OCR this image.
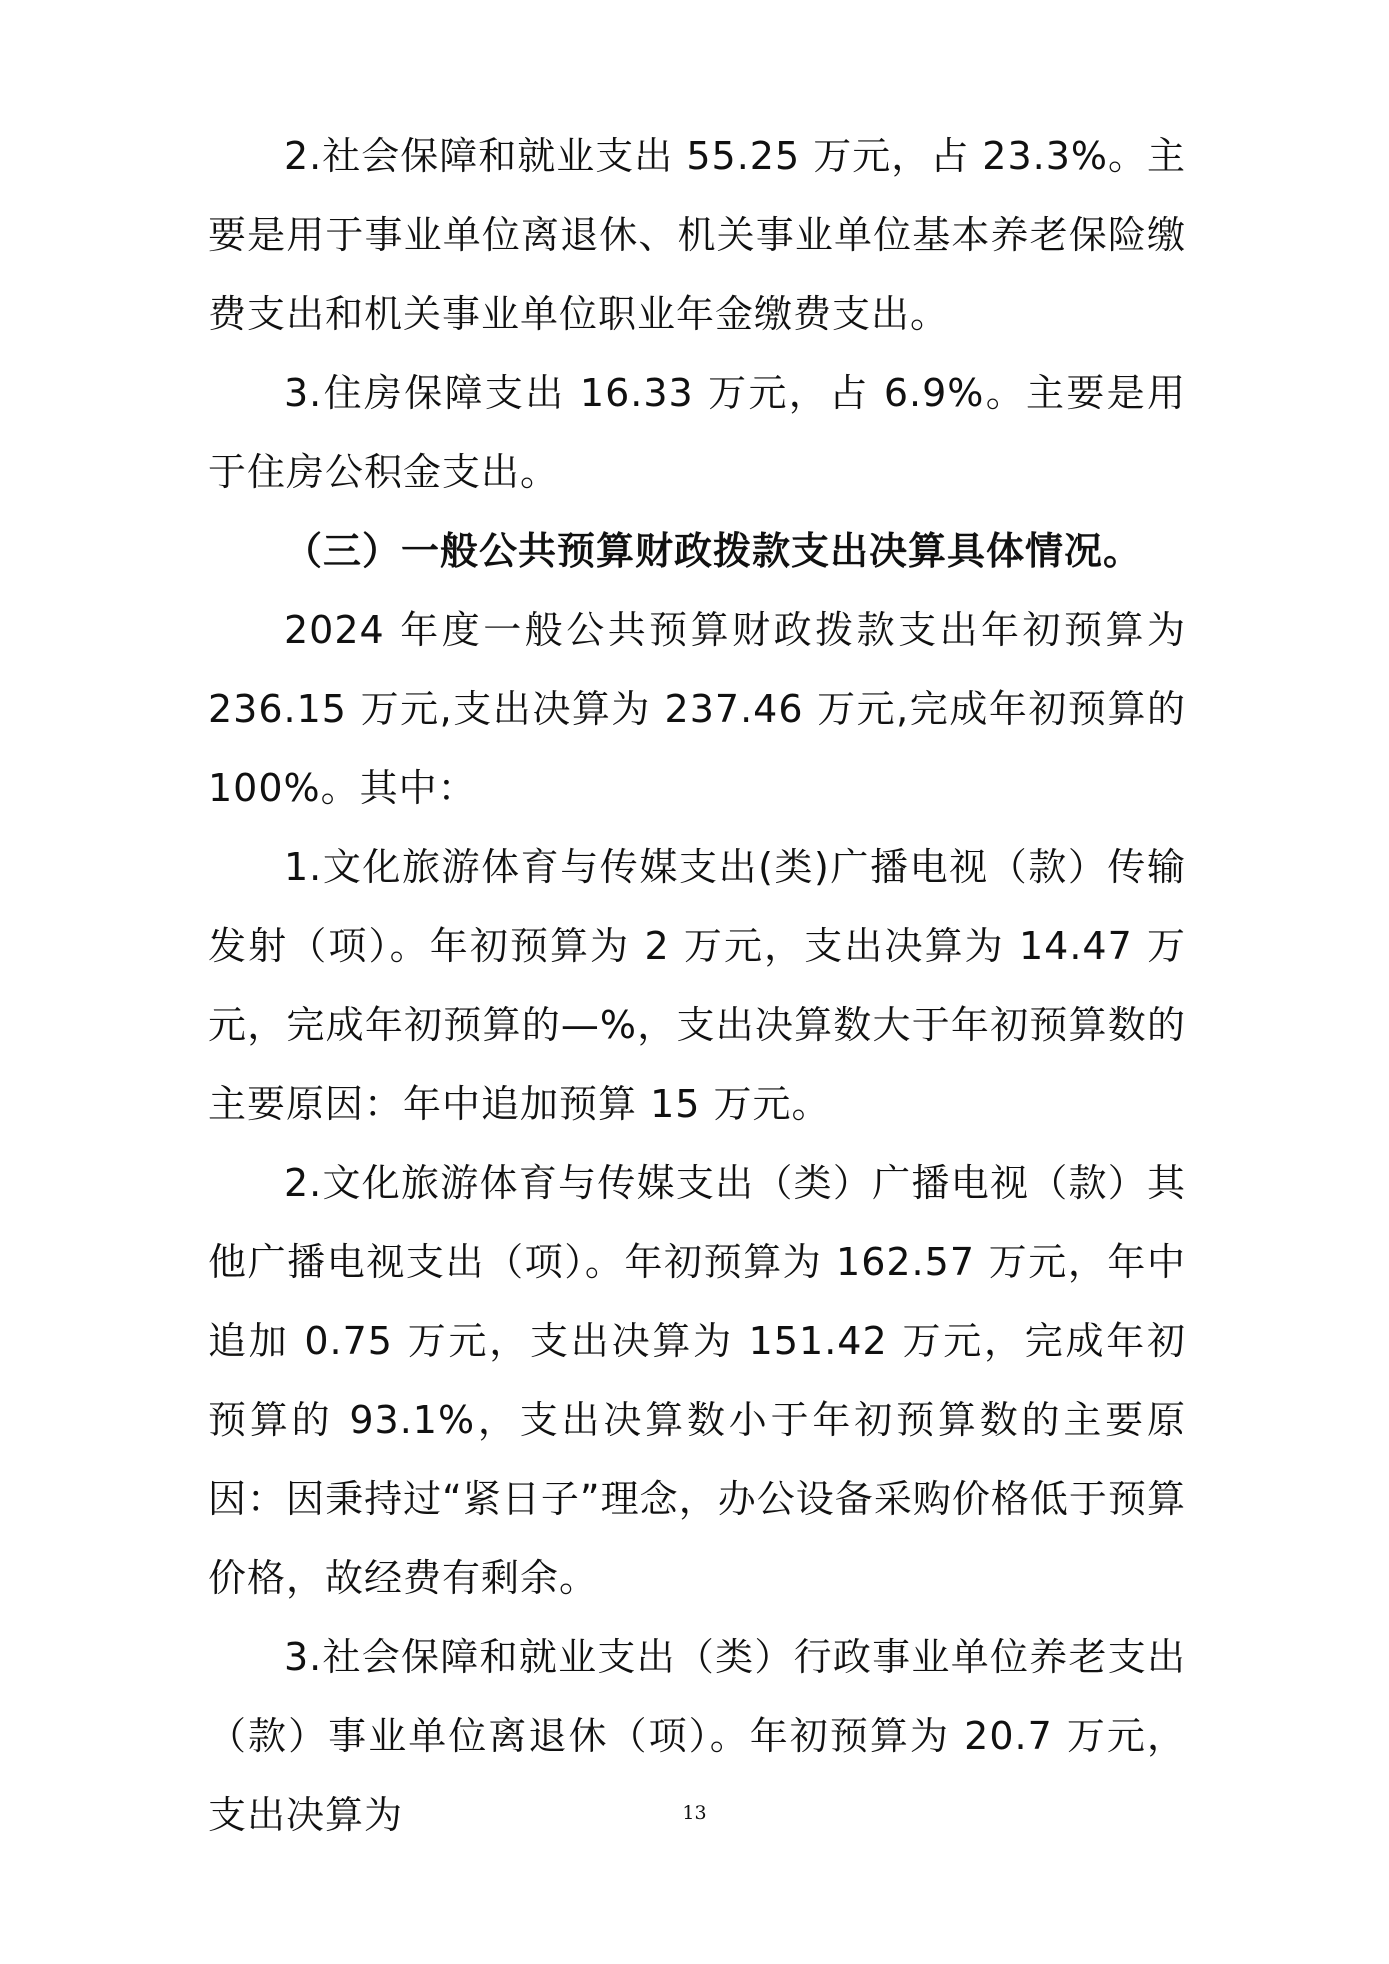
2.社会保障和就业支出 55.25 万元，占 23.3%。主要是用于事业单位离退休、机关事业单位基本养老保险缴费支出和机关事业单位职业年金缴费支出。

3.住房保障支出 16.33 万元，占 6.9%。主要是用于住房公积金支出。

（三）一般公共预算财政拨款支出决算具体情况。

2024 年度一般公共预算财政拨款支出年初预算为 236.15 万元,支出决算为 237.46 万元,完成年初预算的 100%。其中：

1.文化旅游体育与传媒支出(类)广播电视（款）传输发射（项）。年初预算为 2 万元，支出决算为 14.47 万元，完成年初预算的—%，支出决算数大于年初预算数的主要原因：年中追加预算 15 万元。

2.文化旅游体育与传媒支出（类）广播电视（款）其他广播电视支出（项）。年初预算为 162.57 万元，年中追加 0.75 万元，支出决算为 151.42 万元，完成年初预算的 93.1%，支出决算数小于年初预算数的主要原因：因秉持过“紧日子”理念，办公设备采购价格低于预算价格，故经费有剩余。

3.社会保障和就业支出（类）行政事业单位养老支出（款）事业单位离退休（项）。年初预算为 20.7 万元，支出决算为	13
